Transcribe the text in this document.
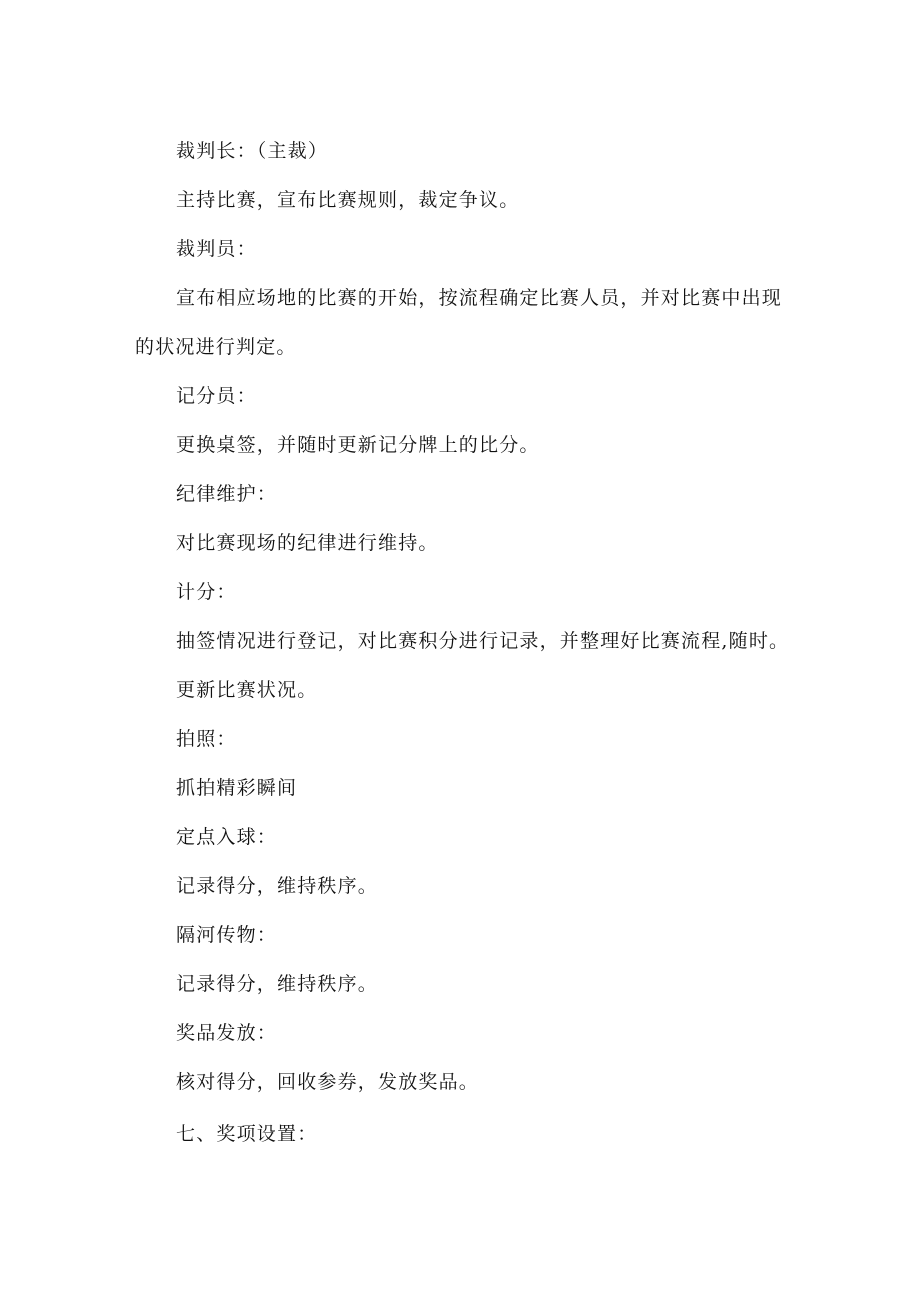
裁判长：（主裁）

主持比赛，宣布比赛规则，裁定争议。

裁判员：

宣布相应场地的比赛的开始，按流程确定比赛人员，并对比赛中出现

的状况进行判定。

记分员：

更换桌签，并随时更新记分牌上的比分。

纪律维护：

对比赛现场的纪律进行维持。

计分：

抽签情况进行登记，对比赛积分进行记录，并整理好比赛流程,随时。

更新比赛状况。

拍照：

抓拍精彩瞬间

定点入球：

记录得分，维持秩序。

隔河传物：

记录得分，维持秩序。

奖品发放：

核对得分，回收参券，发放奖品。

七、奖项设置：
